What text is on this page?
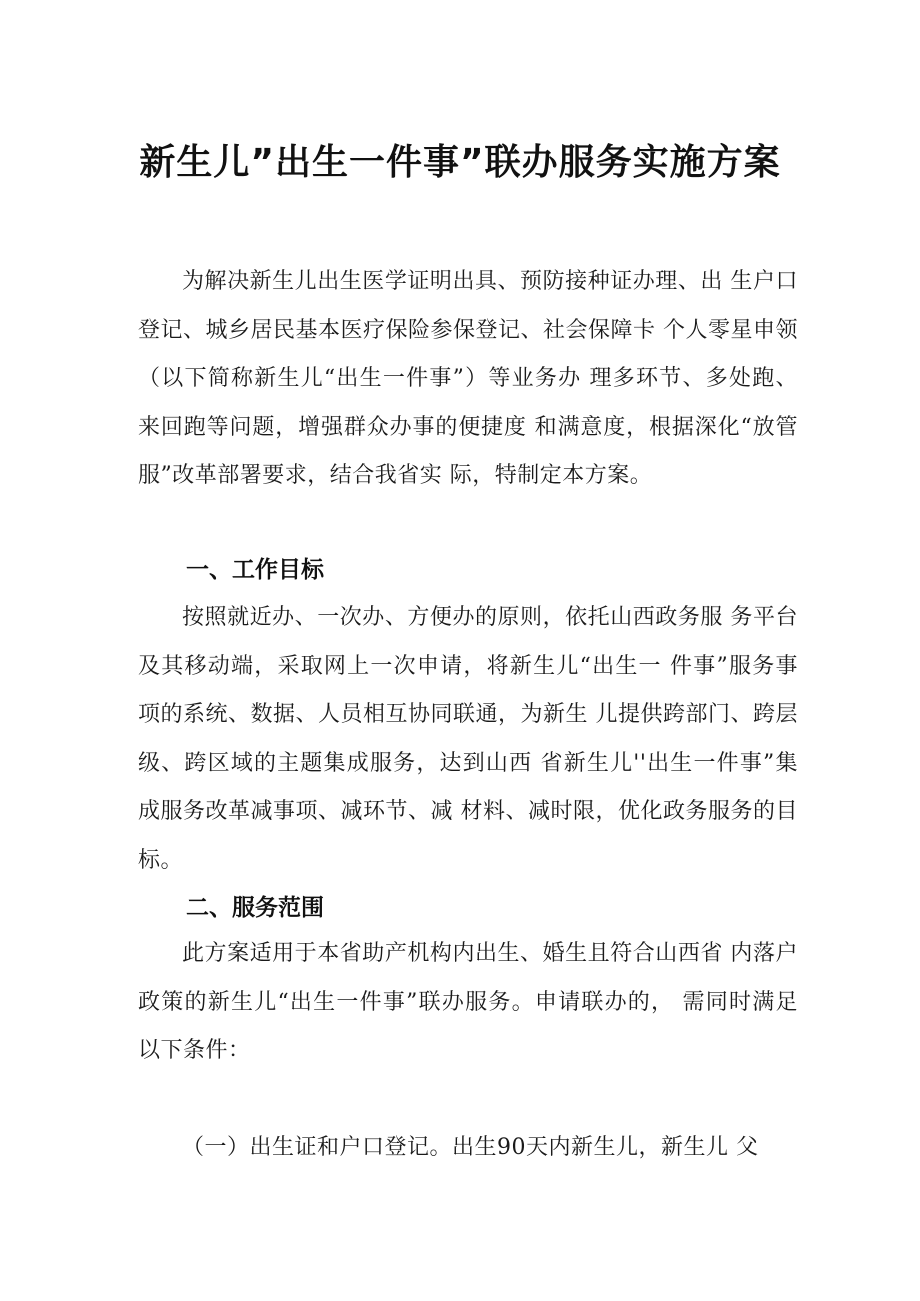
新生儿”出生一件事”联办服务实施方案

为解决新生儿出生医学证明出具、预防接种证办理、出 生户口登记、城乡居民基本医疗保险参保登记、社会保障卡 个人零星申领（以下简称新生儿“出生一件事”）等业务办 理多环节、多处跑、来回跑等问题，增强群众办事的便捷度 和满意度，根据深化“放管服”改革部署要求，结合我省实 际，特制定本方案。

一、工作目标

按照就近办、一次办、方便办的原则，依托山西政务服 务平台及其移动端，采取网上一次申请，将新生儿“出生一 件事”服务事项的系统、数据、人员相互协同联通，为新生 儿提供跨部门、跨层级、跨区域的主题集成服务，达到山西 省新生儿''出生一件事”集成服务改革减事项、减环节、减 材料、减时限，优化政务服务的目标。

二、服务范围

此方案适用于本省助产机构内出生、婚生且符合山西省 内落户政策的新生儿“出生一件事”联办服务。申请联办的， 需同时满足以下条件：

（一）出生证和户口登记。出生90天内新生儿，新生儿 父
